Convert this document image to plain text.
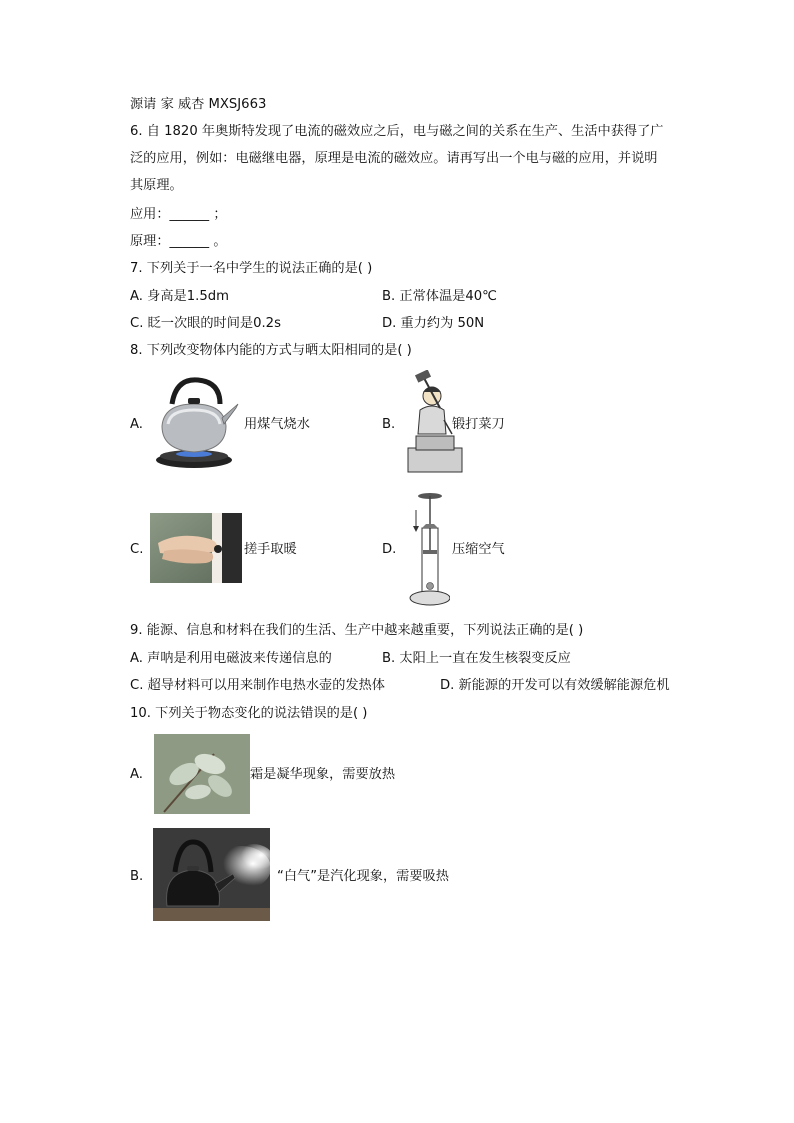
源请 家 威杏 MXSJ663
6. 自 1820 年奥斯特发现了电流的磁效应之后，电与磁之间的关系在生产、生活中获得了广
泛的应用，例如：电磁继电器，原理是电流的磁效应。请再写出一个电与磁的应用，并说明
其原理。
应用：______ ；
原理：______ 。
7. 下列关于一名中学生的说法正确的是( )
A. 身高是1.5dm	B. 正常体温是40℃
C. 眨一次眼的时间是0.2s	D. 重力约为 50N
8. 下列改变物体内能的方式与晒太阳相同的是( )
A.	用煤气烧水	B.	锻打菜刀
C.	搓手取暖	D.	压缩空气
9. 能源、信息和材料在我们的生活、生产中越来越重要，下列说法正确的是( )
A. 声呐是利用电磁波来传递信息的	B. 太阳上一直在发生核裂变反应
C. 超导材料可以用来制作电热水壶的发热体	D. 新能源的开发可以有效缓解能源危机
10. 下列关于物态变化的说法错误的是( )
A.	霜是凝华现象，需要放热
B.	“白气”是汽化现象，需要吸热
